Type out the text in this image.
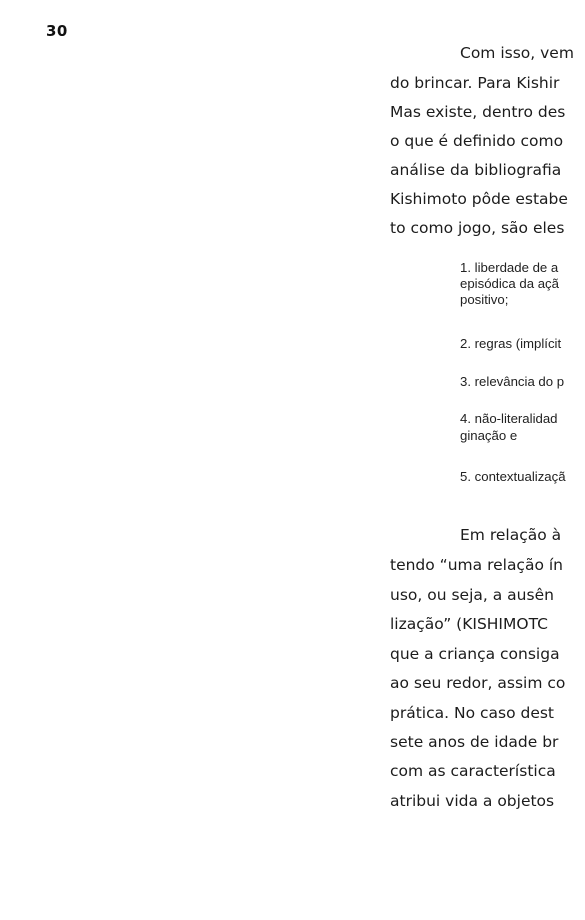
30
Com isso, vem
do brincar. Para Kishir
Mas existe, dentro des
o que é definido como
análise da bibliografia
Kishimoto pôde estabe
to como jogo, são eles
1. liberdade de a
episódica da açã
positivo;
2. regras (implícit
3. relevância do p
4. não-literalidad
ginação e
5. contextualizaçã
Em relação à
tendo “uma relação ín
uso, ou seja, a ausên
lização” (KISHIMOTC
que a criança consiga
ao seu redor, assim co
prática. No caso dest
sete anos de idade br
com as característica
atribui vida a objetos
